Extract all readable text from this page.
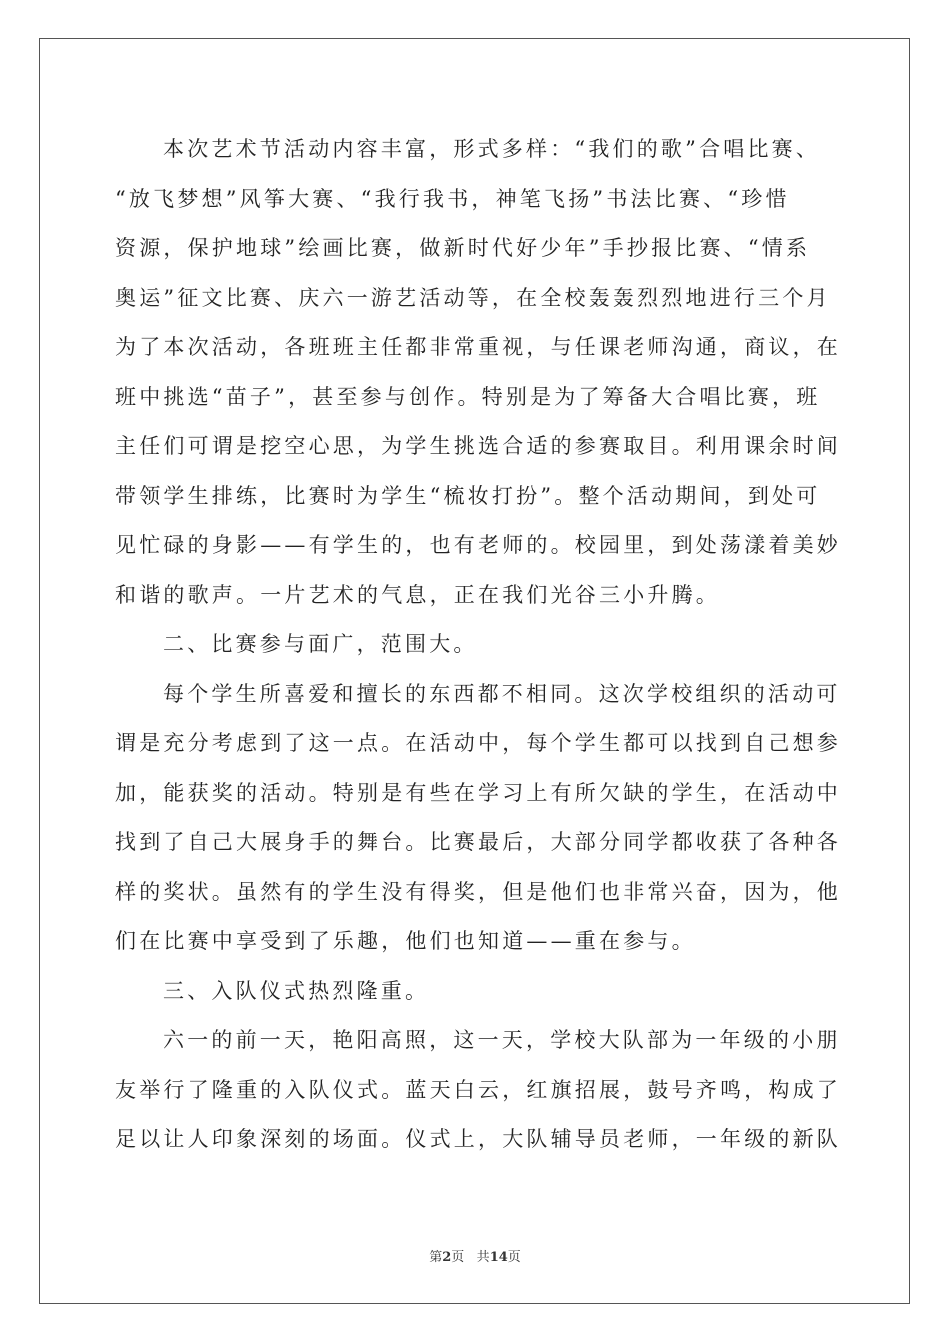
本次艺术节活动内容丰富，形式多样：“我们的歌”合唱比赛、
“放飞梦想”风筝大赛、“我行我书，神笔飞扬”书法比赛、“珍惜
资源，保护地球”绘画比赛，做新时代好少年”手抄报比赛、“情系
奥运”征文比赛、庆六一游艺活动等，在全校轰轰烈烈地进行三个月
为了本次活动，各班班主任都非常重视，与任课老师沟通，商议，在
班中挑选“苗子”，甚至参与创作。特别是为了筹备大合唱比赛，班
主任们可谓是挖空心思，为学生挑选合适的参赛取目。利用课余时间
带领学生排练，比赛时为学生“梳妆打扮”。整个活动期间，到处可
见忙碌的身影——有学生的，也有老师的。校园里，到处荡漾着美妙
和谐的歌声。一片艺术的气息，正在我们光谷三小升腾。
二、比赛参与面广，范围大。
每个学生所喜爱和擅长的东西都不相同。这次学校组织的活动可
谓是充分考虑到了这一点。在活动中，每个学生都可以找到自己想参
加，能获奖的活动。特别是有些在学习上有所欠缺的学生，在活动中
找到了自己大展身手的舞台。比赛最后，大部分同学都收获了各种各
样的奖状。虽然有的学生没有得奖，但是他们也非常兴奋，因为，他
们在比赛中享受到了乐趣，他们也知道——重在参与。
三、入队仪式热烈隆重。
六一的前一天，艳阳高照，这一天，学校大队部为一年级的小朋
友举行了隆重的入队仪式。蓝天白云，红旗招展，鼓号齐鸣，构成了
足以让人印象深刻的场面。仪式上，大队辅导员老师，一年级的新队
第2页 共14页
